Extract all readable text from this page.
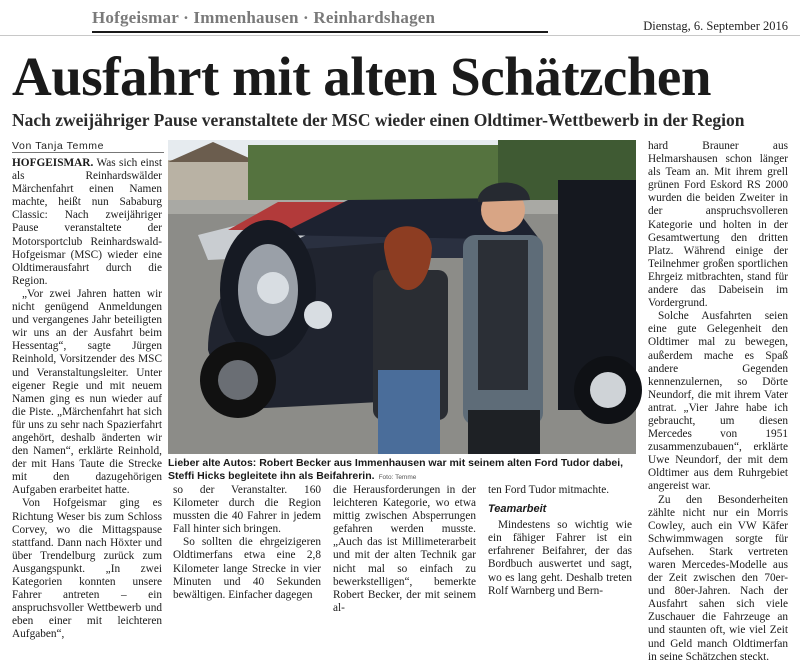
Hofgeismar · Immenhausen · Reinhardshagen	Dienstag, 6. September 2016
Ausfahrt mit alten Schätzchen
Nach zweijähriger Pause veranstaltete der MSC wieder einen Oldtimer-Wettbewerb in der Region
Von Tanja Temme

HOFGEISMAR. Was sich einst als Reinhardswälder Märchenfahrt einen Namen machte, heißt nun Sababurg Classic: Nach zweijähriger Pause veranstaltete der Motorsportclub Reinhardswald-Hofgeismar (MSC) wieder eine Oldtimerausfahrt durch die Region.

„Vor zwei Jahren hatten wir nicht genügend Anmeldungen und vergangenes Jahr beteiligten wir uns an der Ausfahrt beim Hessentag“, sagte Jürgen Reinhold, Vorsitzender des MSC und Veranstaltungsleiter. Unter eigener Regie und mit neuem Namen ging es nun wieder auf die Piste. „Märchenfahrt hat sich für uns zu sehr nach Spazierfahrt angehört, deshalb änderten wir den Namen“, erklärte Reinhold, der mit Hans Taute die Strecke mit den dazugehörigen Aufgaben erarbeitet hatte.

Von Hofgeismar ging es Richtung Weser bis zum Schloss Corvey, wo die Mittagspause stattfand. Dann nach Höxter und über Trendelburg zurück zum Ausgangspunkt. „In zwei Kategorien konnten unsere Fahrer antreten – ein anspruchsvoller Wettbewerb und eben einer mit leichteren Aufgaben“,

Lieber alte Autos: Robert Becker aus Immenhausen war mit seinem alten Ford Tudor dabei, Steffi Hicks begleitete ihn als Beifahrerin. Foto: Temme

so der Veranstalter. 160 Kilometer durch die Region mussten die 40 Fahrer in jedem Fall hinter sich bringen.

So sollten die ehrgeizigeren Oldtimerfans etwa eine 2,8 Kilometer lange Strecke in vier Minuten und 40 Sekunden bewältigen. Einfacher dagegen

die Herausforderungen in der leichteren Kategorie, wo etwa mittig zwischen Absperrungen gefahren werden musste. „Auch das ist Millimeterarbeit und mit der alten Technik gar nicht mal so einfach zu bewerkstelligen“, bemerkte Robert Becker, der mit seinem al-

ten Ford Tudor mitmachte.

Teamarbeit

Mindestens so wichtig wie ein fähiger Fahrer ist ein erfahrener Beifahrer, der das Bordbuch auswertet und sagt, wo es lang geht. Deshalb treten Rolf Warnberg und Bern-

hard Brauner aus Helmarshausen schon länger als Team an. Mit ihrem grell grünen Ford Eskord RS 2000 wurden die beiden Zweiter in der anspruchsvolleren Kategorie und holten in der Gesamtwertung den dritten Platz. Während einige der Teilnehmer großen sportlichen Ehrgeiz mitbrachten, stand für andere das Dabeisein im Vordergrund.

Solche Ausfahrten seien eine gute Gelegenheit den Oldtimer mal zu bewegen, außerdem mache es Spaß andere Gegenden kennenzulernen, so Dörte Neundorf, die mit ihrem Vater antrat. „Vier Jahre habe ich gebraucht, um diesen Mercedes von 1951 zusammenzubauen“, erklärte Uwe Neundorf, der mit dem Oldtimer aus dem Ruhrgebiet angereist war.

Zu den Besonderheiten zählte nicht nur ein Morris Cowley, auch ein VW Käfer Schwimmwagen sorgte für Aufsehen. Stark vertreten waren Mercedes-Modelle aus der Zeit zwischen den 70er- und 80er-Jahren. Nach der Ausfahrt sahen sich viele Zuschauer die Fahrzeuge an und staunten oft, wie viel Zeit und Geld manch Oldtimerfan in seine Schätzchen steckt.
